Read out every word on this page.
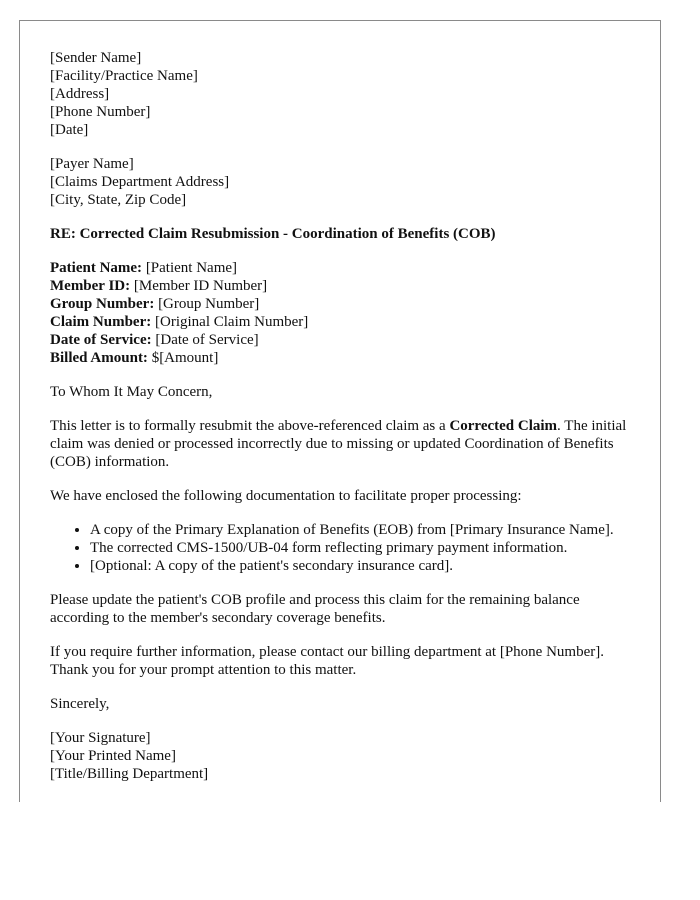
[Sender Name]
[Facility/Practice Name]
[Address]
[Phone Number]
[Date]
[Payer Name]
[Claims Department Address]
[City, State, Zip Code]
RE: Corrected Claim Resubmission - Coordination of Benefits (COB)
Patient Name: [Patient Name]
Member ID: [Member ID Number]
Group Number: [Group Number]
Claim Number: [Original Claim Number]
Date of Service: [Date of Service]
Billed Amount: $[Amount]

To Whom It May Concern,

This letter is to formally resubmit the above-referenced claim as a Corrected Claim. The initial claim was denied or processed incorrectly due to missing or updated Coordination of Benefits (COB) information.

We have enclosed the following documentation to facilitate proper processing:

• A copy of the Primary Explanation of Benefits (EOB) from [Primary Insurance Name].
• The corrected CMS-1500/UB-04 form reflecting primary payment information.
• [Optional: A copy of the patient's secondary insurance card].

Please update the patient's COB profile and process this claim for the remaining balance according to the member's secondary coverage benefits.

If you require further information, please contact our billing department at [Phone Number]. Thank you for your prompt attention to this matter.

Sincerely,

[Your Signature]
[Your Printed Name]
[Title/Billing Department]
